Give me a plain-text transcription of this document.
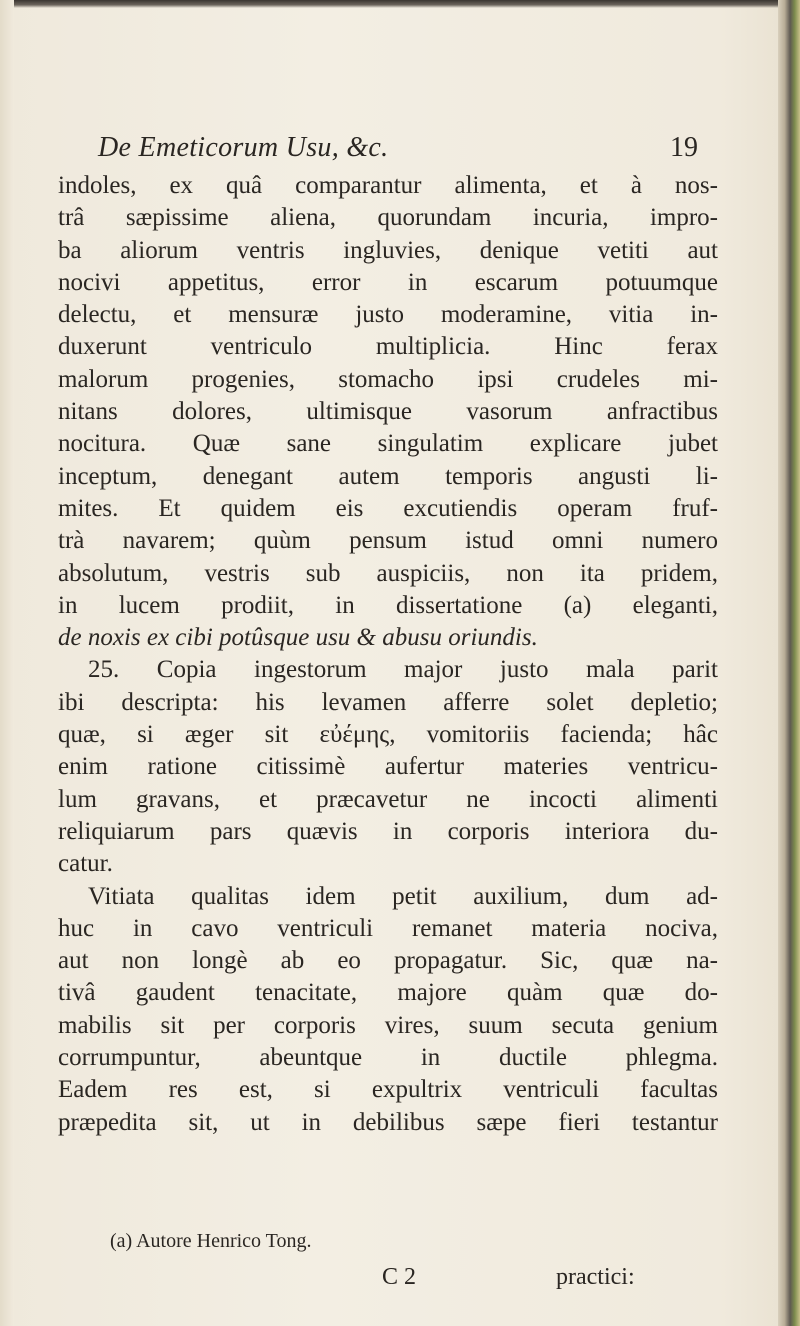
De Emeticorum Usu, &c.	19
indoles, ex quâ comparantur alimenta, et à nos-
trâ sæpissime aliena, quorundam incuria, impro-
ba aliorum ventris ingluvies, denique vetiti aut
nocivi appetitus, error in escarum potuumque
delectu, et mensuræ justo moderamine, vitia in-
duxerunt ventriculo multiplicia. Hinc ferax
malorum progenies, stomacho ipsi crudeles mi-
nitans dolores, ultimisque vasorum anfractibus
nocitura. Quæ sane singulatim explicare jubet
inceptum, denegant autem temporis angusti li-
mites. Et quidem eis excutiendis operam fruf-
trà navarem; quùm pensum istud omni numero
absolutum, vestris sub auspiciis, non ita pridem,
in lucem prodiit, in dissertatione (a) eleganti,
de noxis ex cibi potûsque usu & abusu oriundis.
25. Copia ingestorum major justo mala parit
ibi descripta: his levamen afferre solet depletio;
quæ, si æger sit εὐέμης, vomitoriis facienda; hâc
enim ratione citissimè aufertur materies ventricu-
lum gravans, et præcavetur ne incocti alimenti
reliquiarum pars quævis in corporis interiora du-
catur.
Vitiata qualitas idem petit auxilium, dum ad-
huc in cavo ventriculi remanet materia nociva,
aut non longè ab eo propagatur. Sic, quæ na-
tivâ gaudent tenacitate, majore quàm quæ do-
mabilis sit per corporis vires, suum secuta genium
corrumpuntur, abeuntque in ductile phlegma.
Eadem res est, si expultrix ventriculi facultas
præpedita sit, ut in debilibus sæpe fieri testantur
(a) Autore Henrico Tong.
C 2	practici:
